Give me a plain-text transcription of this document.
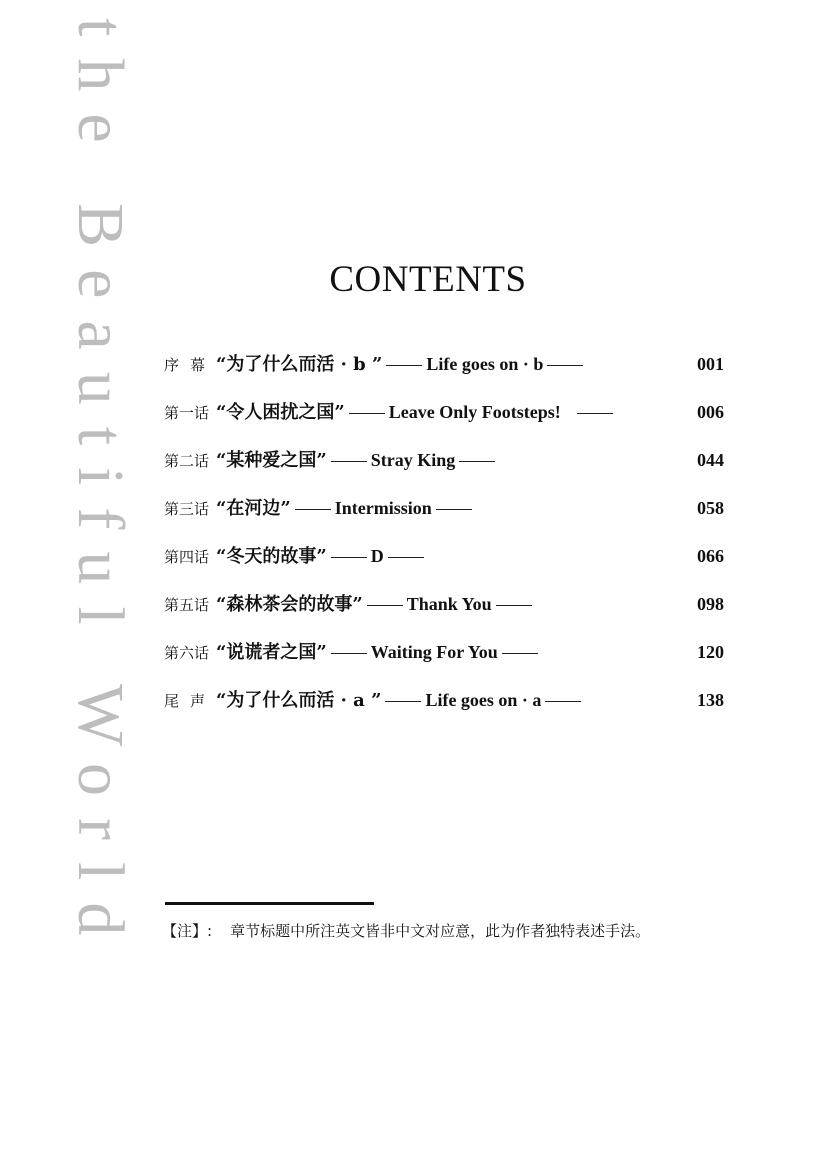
the Beautiful World	CONTENTS
序幕“为了什么而活 · b ” Life goes on · b	001
第一话 “令人困扰之国” Leave Only Footsteps!	006
第二话 “某种爱之国” Stray King	044
第三话 “在河边” Intermission	058
第四话 “冬天的故事” D	066
第五话 “森林茶会的故事” Thank You	098
第六话 “说谎者之国” Waiting For You	120
尾声“为了什么而活 · a ” Life goes on · a	138
【注】: 章节标题中所注英文皆非中文对应意，此为作者独特表述手法。
